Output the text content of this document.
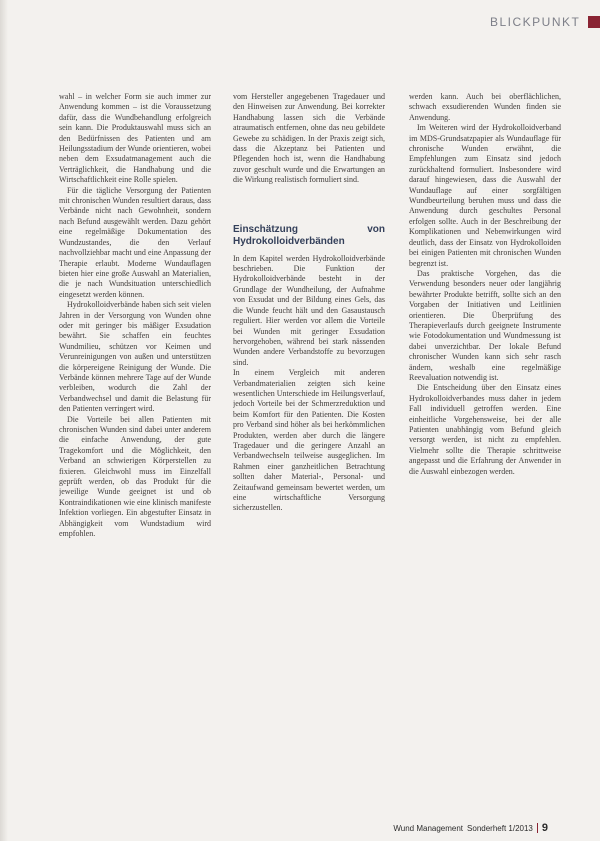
BLICKPUNKT

wahl – in welcher Form sie auch immer zur Anwendung kommen – ist die Voraussetzung dafür, dass die Wundbehandlung erfolgreich sein kann. Die Produktauswahl muss sich an den Bedürfnissen des Patienten und am Heilungsstadium der Wunde orientieren, wobei neben dem Exsudatmanagement auch die Verträglichkeit, die Handhabung und die Wirtschaftlichkeit eine Rolle spielen.

Für die tägliche Versorgung der Patienten mit chronischen Wunden resultiert daraus, dass Verbände nicht nach Gewohnheit, sondern nach Befund ausgewählt werden. Dazu gehört eine regelmäßige Dokumentation des Wundzustandes, die den Verlauf nachvollziehbar macht und eine Anpassung der Therapie erlaubt. Moderne Wundauflagen bieten hier eine große Auswahl an Materialien, die je nach Wundsituation unterschiedlich eingesetzt werden können.

Hydrokolloidverbände haben sich seit vielen Jahren in der Versorgung von Wunden ohne oder mit geringer bis mäßiger Exsudation bewährt. Sie schaffen ein feuchtes Wundmilieu, schützen vor Keimen und Verunreinigungen von außen und unterstützen die körpereigene Reinigung der Wunde. Die Verbände können mehrere Tage auf der Wunde verbleiben, wodurch die Zahl der Verbandwechsel und damit die Belastung für den Patienten verringert wird.

Die Vorteile bei allen Patienten mit chronischen Wunden sind dabei unter anderem die einfache Anwendung, der gute Tragekomfort und die Möglichkeit, den Verband an schwierigen Körperstellen zu fixieren. Gleichwohl muss im Einzelfall geprüft werden, ob das Produkt für die jeweilige Wunde geeignet ist und ob Kontraindikationen wie eine klinisch manifeste Infektion vorliegen. Ein abgestufter Einsatz in Abhängigkeit vom Wundstadium wird empfohlen.

vom Hersteller angegebenen Tragedauer und den Hinweisen zur Anwendung. Bei korrekter Handhabung lassen sich die Verbände atraumatisch entfernen, ohne das neu gebildete Gewebe zu schädigen. In der Praxis zeigt sich, dass die Akzeptanz bei Patienten und Pflegenden hoch ist, wenn die Handhabung zuvor geschult wurde und die Erwartungen an die Wirkung realistisch formuliert sind.

Einschätzung von Hydrokolloidverbänden

In dem Kapitel werden Hydrokolloidverbände beschrieben. Die Funktion der Hydrokolloidverbände besteht in der Grundlage der Wundheilung, der Aufnahme von Exsudat und der Bildung eines Gels, das die Wunde feucht hält und den Gasaustausch reguliert. Hier werden vor allem die Vorteile bei Wunden mit geringer Exsudation hervorgehoben, während bei stark nässenden Wunden andere Verbandstoffe zu bevorzugen sind.

In einem Vergleich mit anderen Verbandmaterialien zeigten sich keine wesentlichen Unterschiede im Heilungsverlauf, jedoch Vorteile bei der Schmerzreduktion und beim Komfort für den Patienten. Die Kosten pro Verband sind höher als bei herkömmlichen Produkten, werden aber durch die längere Tragedauer und die geringere Anzahl an Verbandwechseln teilweise ausgeglichen. Im Rahmen einer ganzheitlichen Betrachtung sollten daher Material-, Personal- und Zeitaufwand gemeinsam bewertet werden, um eine wirtschaftliche Versorgung sicherzustellen.

werden kann. Auch bei oberflächlichen, schwach exsudierenden Wunden finden sie Anwendung.

Im Weiteren wird der Hydrokolloidverband im MDS-Grundsatzpapier als Wundauflage für chronische Wunden erwähnt, die Empfehlungen zum Einsatz sind jedoch zurückhaltend formuliert. Insbesondere wird darauf hingewiesen, dass die Auswahl der Wundauflage auf einer sorgfältigen Wundbeurteilung beruhen muss und dass die Anwendung durch geschultes Personal erfolgen sollte. Auch in der Beschreibung der Komplikationen und Nebenwirkungen wird deutlich, dass der Einsatz von Hydrokolloiden bei einigen Patienten mit chronischen Wunden begrenzt ist.

Das praktische Vorgehen, das die Verwendung besonders neuer oder langjährig bewährter Produkte betrifft, sollte sich an den Vorgaben der Initiativen und Leitlinien orientieren. Die Überprüfung des Therapieverlaufs durch geeignete Instrumente wie Fotodokumentation und Wundmessung ist dabei unverzichtbar. Der lokale Befund chronischer Wunden kann sich sehr rasch ändern, weshalb eine regelmäßige Reevaluation notwendig ist.

Die Entscheidung über den Einsatz eines Hydrokolloidverbandes muss daher in jedem Fall individuell getroffen werden. Eine einheitliche Vorgehensweise, bei der alle Patienten unabhängig vom Befund gleich versorgt werden, ist nicht zu empfehlen. Vielmehr sollte die Therapie schrittweise angepasst und die Erfahrung der Anwender in die Auswahl einbezogen werden.

Wund Management Sonderheft 1/2013 9
